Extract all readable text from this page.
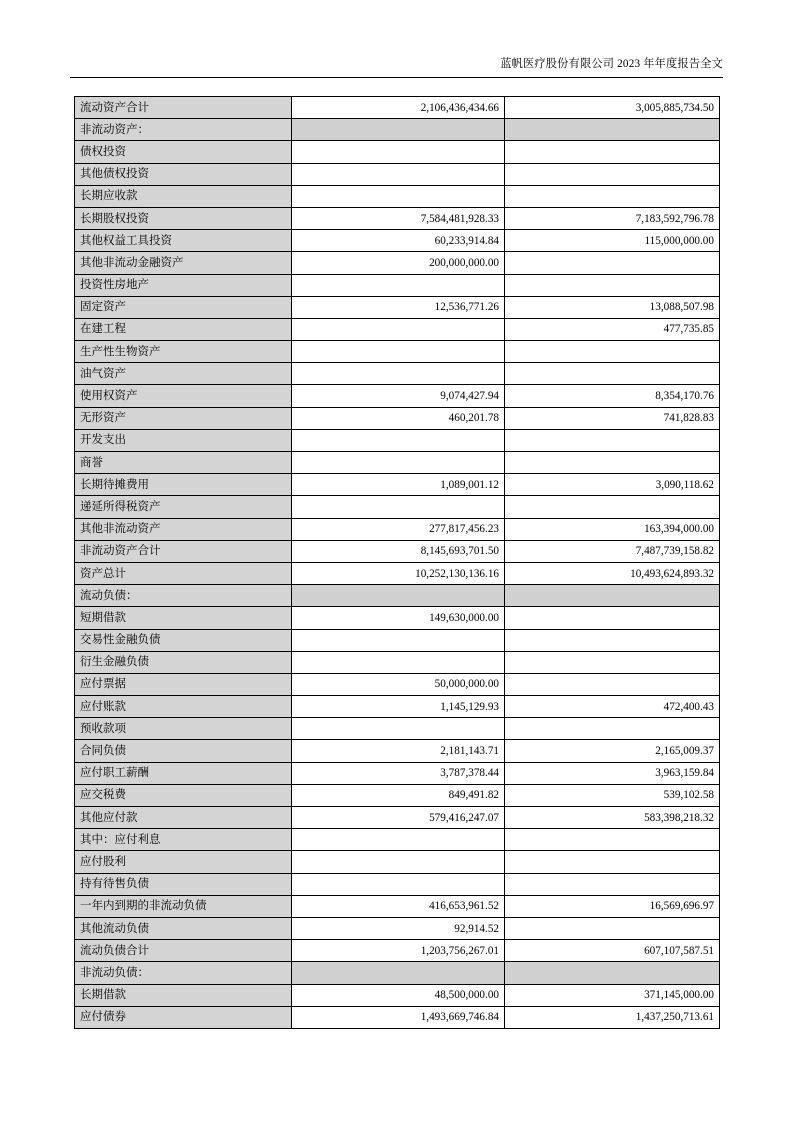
蓝帆医疗股份有限公司 2023 年年度报告全文
流动资产合计	2,106,436,434.66	3,005,885,734.50
非流动资产：		
债权投资		
其他债权投资		
长期应收款		
长期股权投资	7,584,481,928.33	7,183,592,796.78
其他权益工具投资	60,233,914.84	115,000,000.00
其他非流动金融资产	200,000,000.00	
投资性房地产		
固定资产	12,536,771.26	13,088,507.98
在建工程		477,735.85
生产性生物资产		
油气资产		
使用权资产	9,074,427.94	8,354,170.76
无形资产	460,201.78	741,828.83
开发支出		
商誉		
长期待摊费用	1,089,001.12	3,090,118.62
递延所得税资产		
其他非流动资产	277,817,456.23	163,394,000.00
非流动资产合计	8,145,693,701.50	7,487,739,158.82
资产总计	10,252,130,136.16	10,493,624,893.32
流动负债：		
短期借款	149,630,000.00	
交易性金融负债		
衍生金融负债		
应付票据	50,000,000.00	
应付账款	1,145,129.93	472,400.43
预收款项		
合同负债	2,181,143.71	2,165,009.37
应付职工薪酬	3,787,378.44	3,963,159.84
应交税费	849,491.82	539,102.58
其他应付款	579,416,247.07	583,398,218.32
其中：应付利息		
应付股利		
持有待售负债		
一年内到期的非流动负债	416,653,961.52	16,569,696.97
其他流动负债	92,914.52	
流动负债合计	1,203,756,267.01	607,107,587.51
非流动负债：		
长期借款	48,500,000.00	371,145,000.00
应付债券	1,493,669,746.84	1,437,250,713.61
